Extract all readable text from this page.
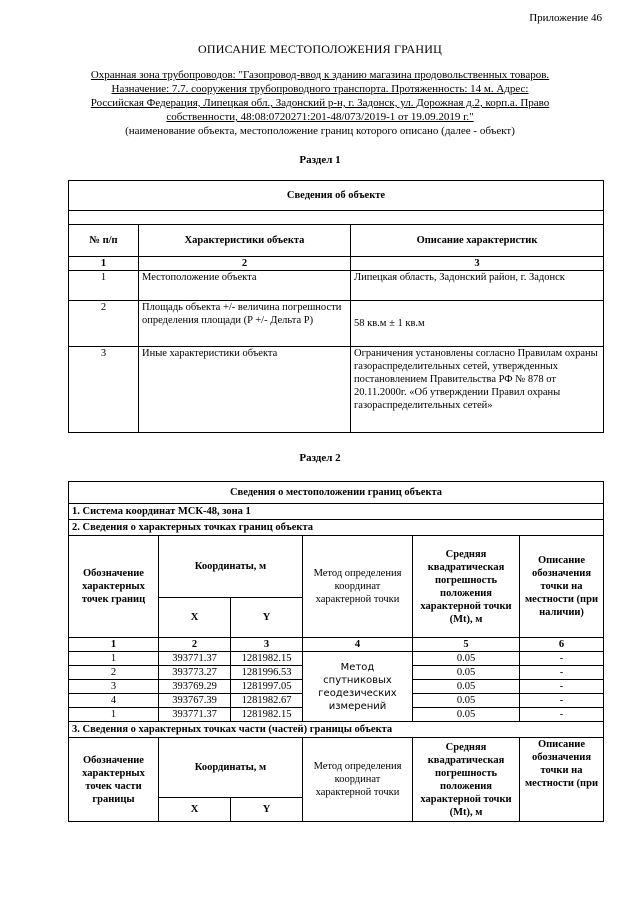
Приложение 46
ОПИСАНИЕ МЕСТОПОЛОЖЕНИЯ ГРАНИЦ
Охранная зона трубопроводов: "Газопровод-ввод к зданию магазина продовольственных товаров.
Назначение: 7.7. сооружения трубопроводного транспорта. Протяженность: 14 м. Адрес:
Российская Федерация, Липецкая обл., Задонский р-н, г. Задонск, ул. Дорожная д.2, корп.а. Право
собственности, 48:08:0720271:201-48/073/2019-1 от 19.09.2019 г."
(наименование объекта, местоположение границ которого описано (далее - объект)
Раздел 1
Сведения об объекте		

№ п/п	Характеристики объекта	Описание характеристик
1	2	3
1	Местоположение объекта	Липецкая область, Задонский район, г. Задонск
2	Площадь объекта +/- величина погрешности определения площади (P +/- Дельта P)	58 кв.м ± 1 кв.м
3	Иные характеристики объекта	Ограничения установлены согласно Правилам охраны газораспределительных сетей, утвержденных постановлением Правительства РФ № 878 от 20.11.2000г. «Об утверждении Правил охраны газораспределительных сетей»
Раздел 2
Сведения о местоположении границ объекта					
1. Система координат МСК-48, зона 1					
2. Сведения о характерных точках границ объекта					
Обозначение характерных точек границ	Координаты, м		Метод определения координат характерной точки	Средняя квадратическая погрешность положения характерной точки (Mt), м	Описание обозначения точки на местности (при наличии)
	X	Y			
1	2	3	4	5	6
1	393771.37	1281982.15	Метод спутниковых геодезических измерений	0.05	-
2	393773.27	1281996.53		0.05	-
3	393769.29	1281997.05		0.05	-
4	393767.39	1281982.67		0.05	-
1	393771.37	1281982.15		0.05	-
3. Сведения о характерных точках части (частей) границы объекта					
Обозначение характерных точек части границы	Координаты, м		Метод определения координат характерной точки	Средняя квадратическая погрешность положения характерной точки (Mt), м	Описание обозначения точки на местности (при
	X	Y			
